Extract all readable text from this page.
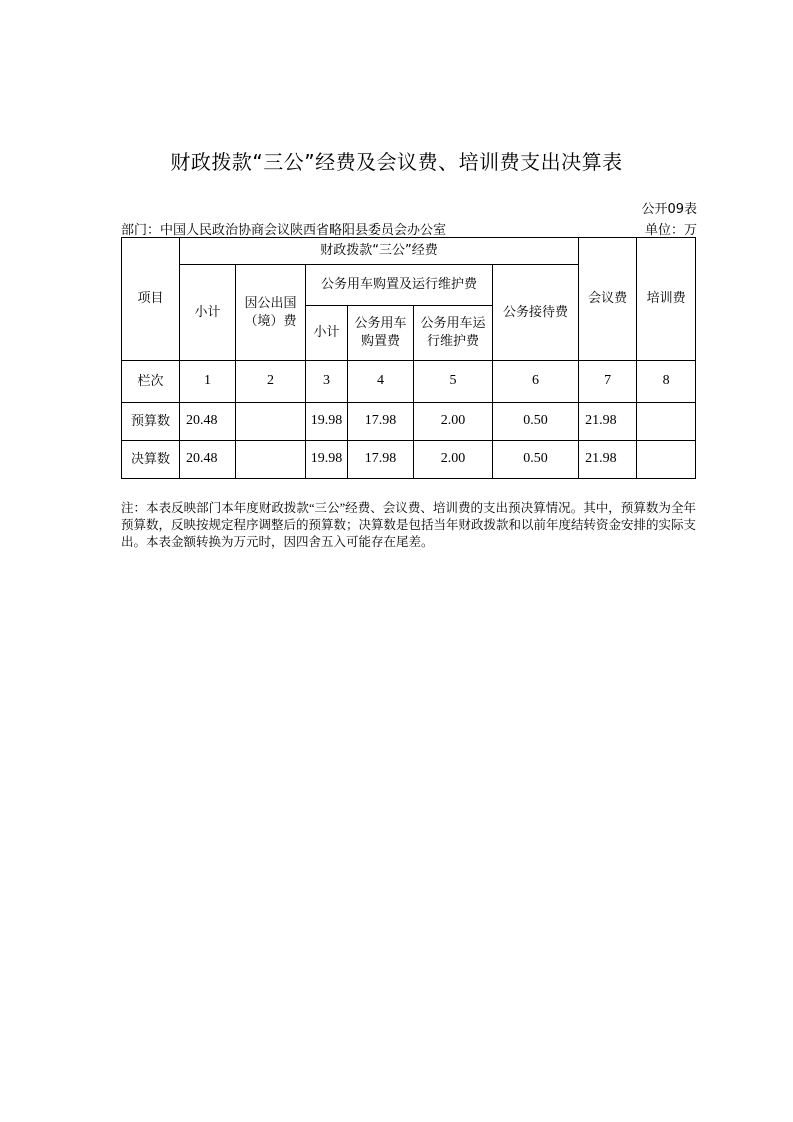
财政拨款“三公”经费及会议费、培训费支出决算表
公开09表
部门：中国人民政治协商会议陕西省略阳县委员会办公室	单位：万
项目	财政拨款“三公”经费						会议费	培训费
	小计	因公出国（境）费	公务用车购置及运行维护费			公务接待费		
			小计	公务用车购置费	公务用车运行维护费			

栏次	1	2	3	4	5	6	7	8
预算数	20.48		19.98	17.98	2.00	0.50	21.98	
决算数	20.48		19.98	17.98	2.00	0.50	21.98	
注：本表反映部门本年度财政拨款“三公”经费、会议费、培训费的支出预决算情况。其中，预算数为全年预算数，反映按规定程序调整后的预算数；决算数是包括当年财政拨款和以前年度结转资金安排的实际支出。本表金额转换为万元时，因四舍五入可能存在尾差。
